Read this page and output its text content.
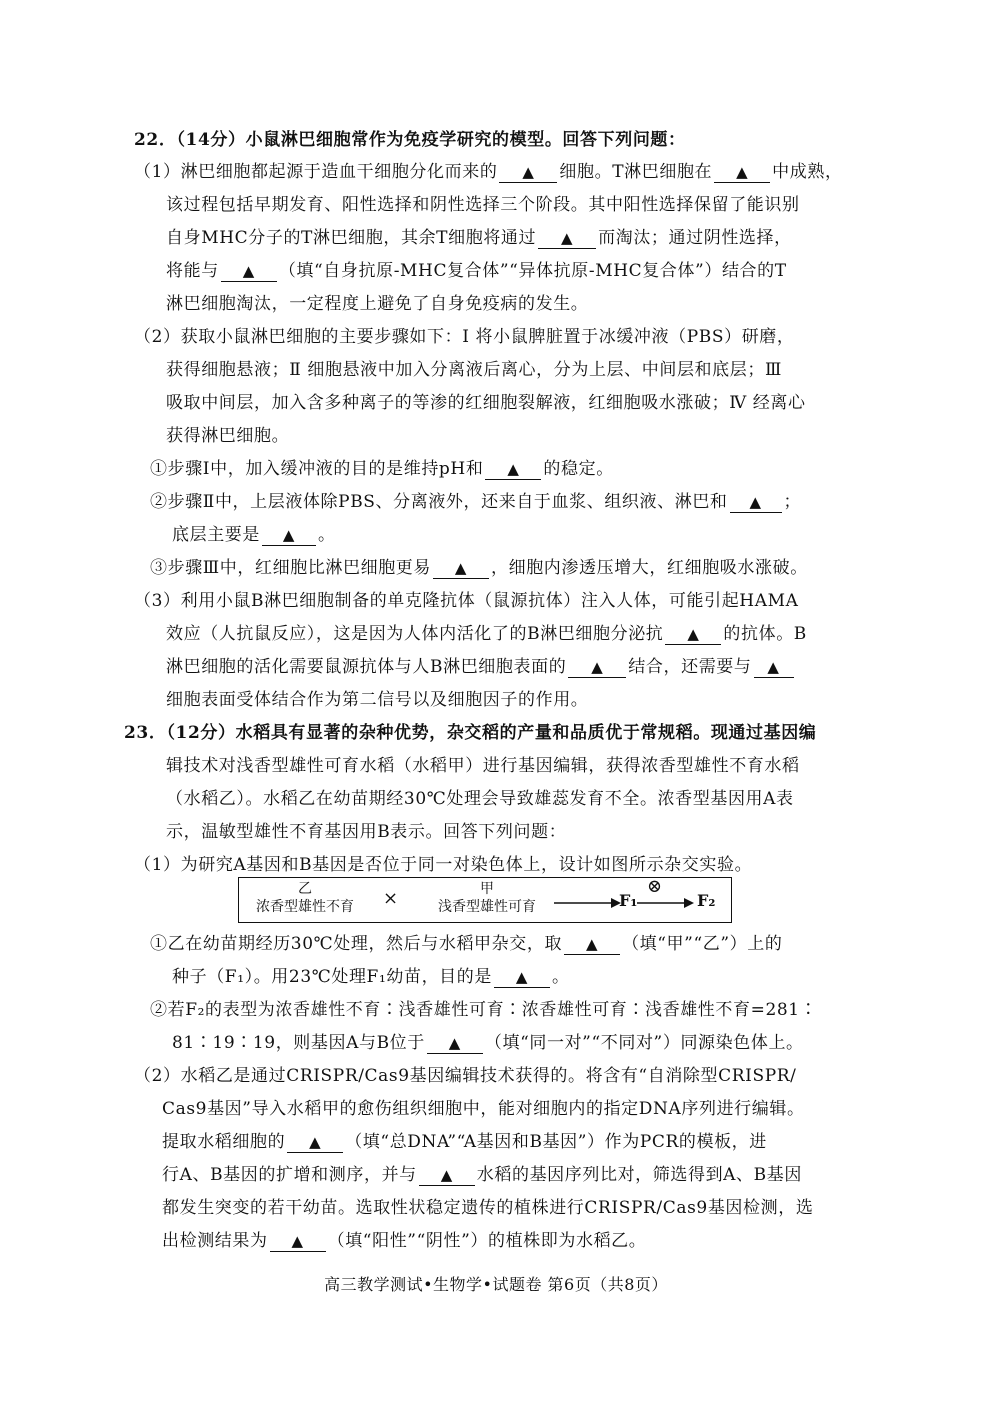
22．（14分）小鼠淋巴细胞常作为免疫学研究的模型。回答下列问题：
（1）淋巴细胞都起源于造血干细胞分化而来的 ▲ 细胞。T淋巴细胞在 ▲ 中成熟，
该过程包括早期发育、阳性选择和阴性选择三个阶段。其中阳性选择保留了能识别
自身MHC分子的T淋巴细胞，其余T细胞将通过 ▲ 而淘汰；通过阴性选择，
将能与 ▲ （填“自身抗原-MHC复合体”“异体抗原-MHC复合体”）结合的T
淋巴细胞淘汰，一定程度上避免了自身免疫病的发生。
（2）获取小鼠淋巴细胞的主要步骤如下：Ⅰ 将小鼠脾脏置于冰缓冲液（PBS）研磨，
获得细胞悬液；Ⅱ 细胞悬液中加入分离液后离心，分为上层、中间层和底层；Ⅲ
吸取中间层，加入含多种离子的等渗的红细胞裂解液，红细胞吸水涨破；Ⅳ 经离心
获得淋巴细胞。
①步骤Ⅰ中，加入缓冲液的目的是维持pH和 ▲ 的稳定。
②步骤Ⅱ中，上层液体除PBS、分离液外，还来自于血浆、组织液、淋巴和 ▲ ；
底层主要是 ▲ 。
③步骤Ⅲ中，红细胞比淋巴细胞更易 ▲ ，细胞内渗透压增大，红细胞吸水涨破。
（3）利用小鼠B淋巴细胞制备的单克隆抗体（鼠源抗体）注入人体，可能引起HAMA
效应（人抗鼠反应），这是因为人体内活化了的B淋巴细胞分泌抗 ▲ 的抗体。B
淋巴细胞的活化需要鼠源抗体与人B淋巴细胞表面的 ▲ 结合，还需要与 ▲
细胞表面受体结合作为第二信号以及细胞因子的作用。
23．（12分）水稻具有显著的杂种优势，杂交稻的产量和品质优于常规稻。现通过基因编
辑技术对浅香型雄性可育水稻（水稻甲）进行基因编辑，获得浓香型雄性不育水稻
（水稻乙）。水稻乙在幼苗期经30℃处理会导致雄蕊发育不全。浓香型基因用A表
示，温敏型雄性不育基因用B表示。回答下列问题：
（1）为研究A基因和B基因是否位于同一对染色体上，设计如图所示杂交实验。
乙
浓香型雄性不育	×	甲
浅香型雄性可育	F₁
⊗
F₂
①乙在幼苗期经历30℃处理，然后与水稻甲杂交，取 ▲ （填“甲”“乙”）上的
种子（F₁）。用23℃处理F₁幼苗，目的是 ▲ 。
②若F₂的表型为浓香雄性不育∶浅香雄性可育∶浓香雄性可育∶浅香雄性不育=281∶
81∶19∶19，则基因A与B位于 ▲ （填“同一对”“不同对”）同源染色体上。
（2）水稻乙是通过CRISPR/Cas9基因编辑技术获得的。将含有“自消除型CRISPR/
Cas9基因”导入水稻甲的愈伤组织细胞中，能对细胞内的指定DNA序列进行编辑。
提取水稻细胞的 ▲ （填“总DNA”“A基因和B基因”）作为PCR的模板，进
行A、B基因的扩增和测序，并与 ▲ 水稻的基因序列比对，筛选得到A、B基因
都发生突变的若干幼苗。选取性状稳定遗传的植株进行CRISPR/Cas9基因检测，选
出检测结果为 ▲ （填“阳性”“阴性”）的植株即为水稻乙。
高三教学测试•生物学•试题卷 第6页（共8页）
